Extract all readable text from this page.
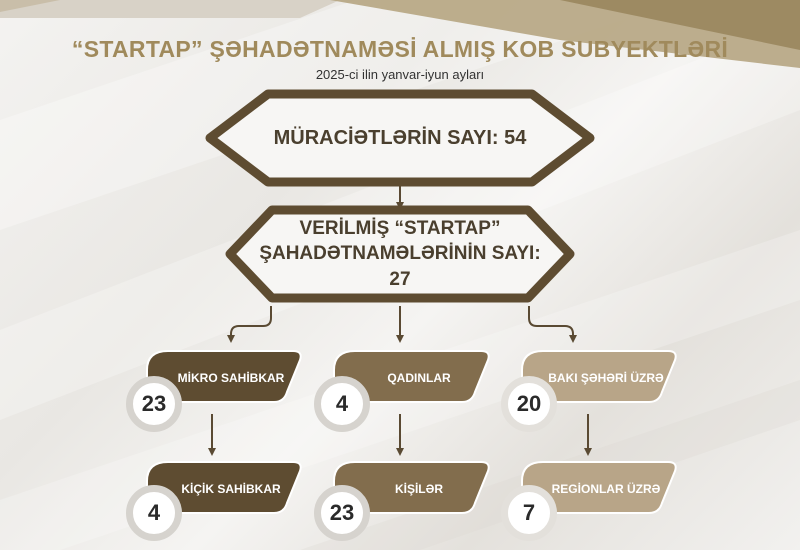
“STARTAP” ŞƏHADƏTNAMƏSİ ALMIŞ KOB SUBYEKTLƏRİ
2025-ci ilin yanvar-iyun ayları
MÜRACİƏTLƏRİN SAYI: 54
VERİLMİŞ “STARTAP”
ŞAHADƏTNAMƏLƏRİNİN SAYI: 27
MİKRO SAHİBKAR	QADINLAR	BAKI ŞƏHƏRİ ÜZRƏ
KİÇİK SAHİBKAR	KİŞİLƏR	REGİONLAR ÜZRƏ
23	4	20
4	23	7
